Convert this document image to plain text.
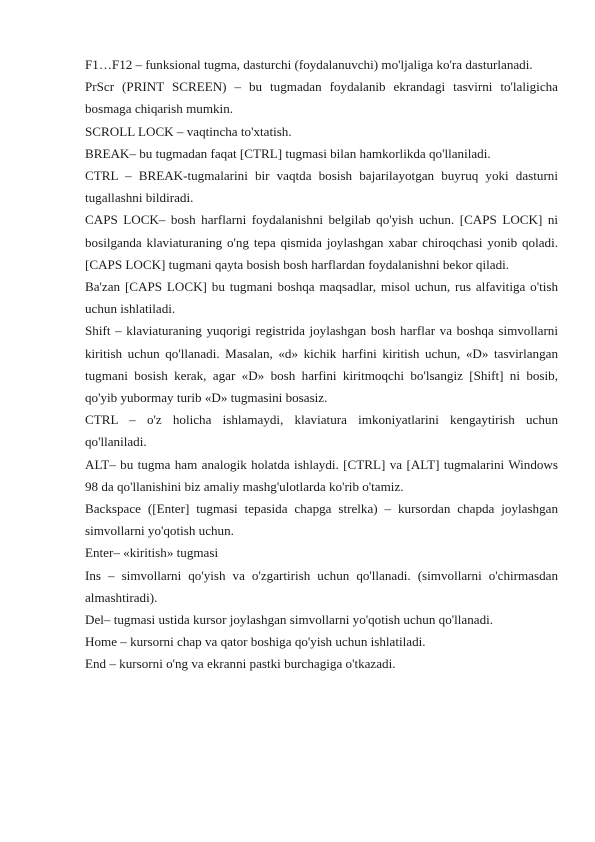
F1…F12 – funksional tugma, dasturchi (foydalanuvchi) mo'ljaliga ko'ra dasturlanadi.

PrScr (PRINT SCREEN) – bu tugmadan foydalanib ekrandagi tasvirni to'laligicha bosmaga chiqarish mumkin.

SCROLL LOCK – vaqtincha to'xtatish.

BREAK– bu tugmadan faqat [CTRL] tugmasi bilan hamkorlikda qo'llaniladi.

CTRL – BREAK-tugmalarini bir vaqtda bosish bajarilayotgan buyruq yoki dasturni tugallashni bildiradi.

CAPS LOCK– bosh harflarni foydalanishni belgilab qo'yish uchun. [CAPS LOCK] ni bosilganda klaviaturaning o'ng tepa qismida joylashgan xabar chiroqchasi yonib qoladi. [CAPS LOCK] tugmani qayta bosish bosh harflardan foydalanishni bekor qiladi.

Ba'zan [CAPS LOCK] bu tugmani boshqa maqsadlar, misol uchun, rus alfavitiga o'tish uchun ishlatiladi.

Shift – klaviaturaning yuqorigi registrida joylashgan bosh harflar va boshqa simvollarni kiritish uchun qo'llanadi. Masalan, «d» kichik harfini kiritish uchun, «D» tasvirlangan tugmani bosish kerak, agar «D» bosh harfini kiritmoqchi bo'lsangiz [Shift] ni bosib, qo'yib yubormay turib «D» tugmasini bosasiz.

CTRL – o'z holicha ishlamaydi, klaviatura imkoniyatlarini kengaytirish uchun qo'llaniladi.

ALT– bu tugma ham analogik holatda ishlaydi. [CTRL] va [ALT] tugmalarini Windows 98 da qo'llanishini biz amaliy mashg'ulotlarda ko'rib o'tamiz.

Backspace ([Enter] tugmasi tepasida chapga strelka) – kursordan chapda joylashgan simvollarni yo'qotish uchun.

Enter– «kiritish» tugmasi

Ins – simvollarni qo'yish va o'zgartirish uchun qo'llanadi. (simvollarni o'chirmasdan almashtiradi).

Del– tugmasi ustida kursor joylashgan simvollarni yo'qotish uchun qo'llanadi.

Home – kursorni chap va qator boshiga qo'yish uchun ishlatiladi.

End – kursorni o'ng va ekranni pastki burchagiga o'tkazadi.
